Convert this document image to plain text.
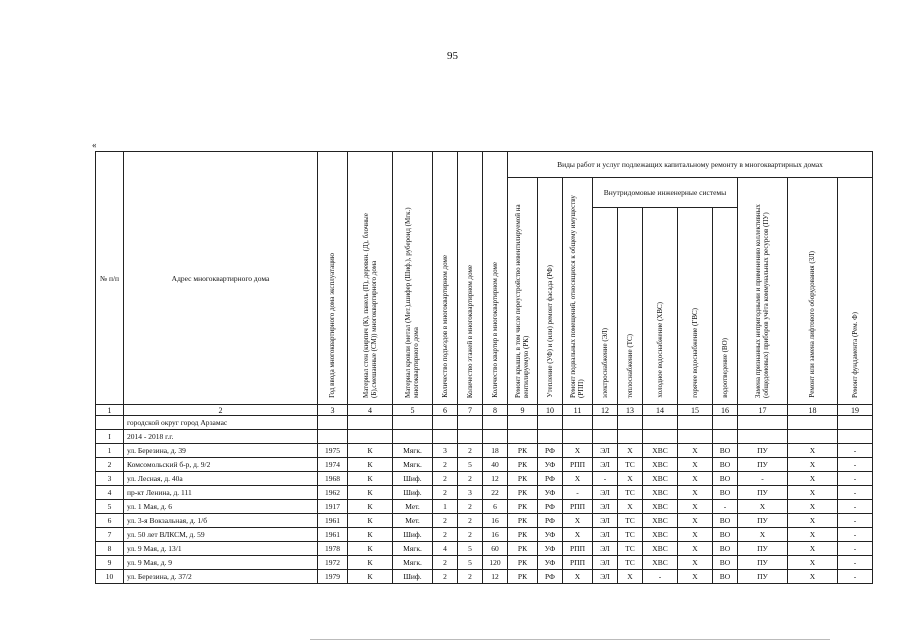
95
«
№ п/п	Адрес многоквартирного дома	Год ввода многоквартирного дома эксплуатацию	Материал стен (кирпич (К), панель (П), деревян. (Д), блочные (Б),смешанные (СМ)) многоквартирного дома	Материал кровли (метал (Мет.),шифер (Шиф.), рубероид (Мгк.) многоквартирного дома	Количество подъездов в многоквартирном доме	Количество этажей в многоквартирном доме	Количество квартир в многоквартирном доме	Виды работ и услуг подлежащих капитальному ремонту в многоквартирных домах										
								Ремонт крыши, в том числе переустройство невентилируемой на вентилируемую (РК)	Утепление (УФ) и (или) ремонт фасада (РФ)	Ремонт подвальных помещений, относящихся к общему имуществу (РПП)	Внутридомовые инженерные системы					Замена признанных непригодными и применению коллективных (общедомовых) приборов учёта коммунальных ресурсов (ПУ)	Ремонт или замена лифтового оборудования (ЗЛ)	Ремонт фундамента (Рем. Ф)
											электроснабжение (ЭЛ)	теплоснабжение (ТС)	холодное водоснабжение (ХВС)	горячее водоснабжение (ГВС)	водоотведение (ВО)			
1	2	3	4	5	6	7	8	9	10	11	12	13	14	15	16	17	18	19
	городской округ город Арзамас																	
I	2014 - 2018 г.г.																	
1	ул. Березина, д. 39	1975	К	Мягк.	3	2	18	РК	РФ	Х	ЭЛ	Х	ХВС	Х	ВО	ПУ	Х	-
2	Комсомольский б-р, д. 9/2	1974	К	Мягк.	2	5	40	РК	УФ	РПП	ЭЛ	ТС	ХВС	Х	ВО	ПУ	Х	-
3	ул. Лесная, д. 40а	1968	К	Шиф.	2	2	12	РК	РФ	Х	-	Х	ХВС	Х	ВО	-	Х	-
4	пр-кт Ленина, д. 111	1962	К	Шиф.	2	3	22	РК	УФ	-	ЭЛ	ТС	ХВС	Х	ВО	ПУ	Х	-
5	ул. 1 Мая, д. 6	1917	К	Мет.	1	2	6	РК	РФ	РПП	ЭЛ	Х	ХВС	Х	-	Х	Х	-
6	ул. 3-я Вокзальная, д. 1/б	1961	К	Мет.	2	2	16	РК	РФ	Х	ЭЛ	ТС	ХВС	Х	ВО	ПУ	Х	-
7	ул. 50 лет ВЛКСМ, д. 59	1961	К	Шиф.	2	2	16	РК	УФ	Х	ЭЛ	ТС	ХВС	Х	ВО	Х	Х	-
8	ул. 9 Мая, д. 13/1	1978	К	Мягк.	4	5	60	РК	УФ	РПП	ЭЛ	ТС	ХВС	Х	ВО	ПУ	Х	-
9	ул. 9 Мая, д. 9	1972	К	Мягк.	2	5	120	РК	УФ	РПП	ЭЛ	ТС	ХВС	Х	ВО	ПУ	Х	-
10	ул. Березина, д. 37/2	1979	К	Шиф.	2	2	12	РК	РФ	Х	ЭЛ	Х	-	Х	ВО	ПУ	Х	-
